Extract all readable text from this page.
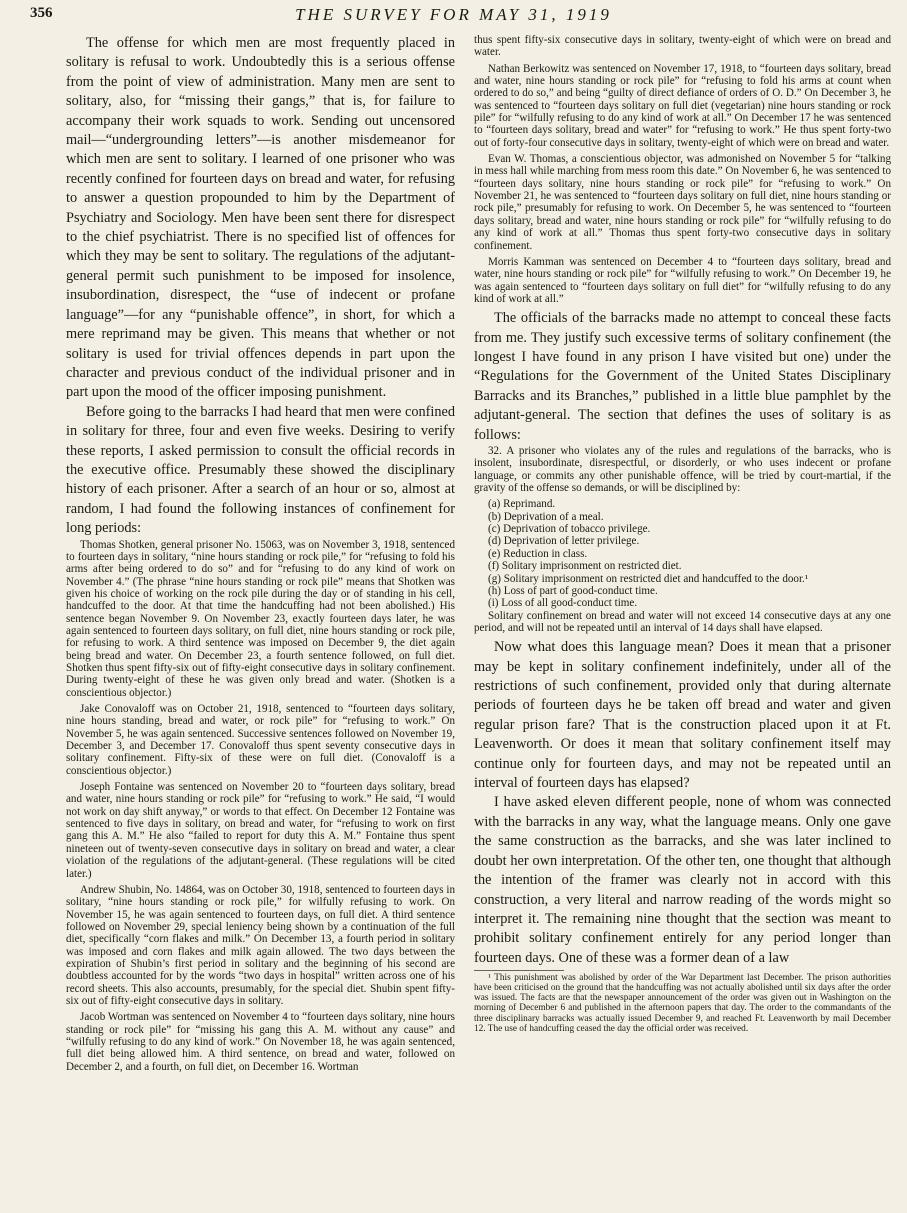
356	THE SURVEY FOR MAY 31, 1919

The offense for which men are most frequently placed in solitary is refusal to work. Undoubtedly this is a serious offense from the point of view of administration. Many men are sent to solitary, also, for “missing their gangs,” that is, for failure to accompany their work squads to work. Sending out uncensored mail—“undergrounding letters”—is another misdemeanor for which men are sent to solitary. I learned of one prisoner who was recently confined for fourteen days on bread and water, for refusing to answer a question propounded to him by the Department of Psychiatry and Sociology. Men have been sent there for disrespect to the chief psychiatrist. There is no specified list of offences for which they may be sent to solitary. The regulations of the adjutant-general permit such punishment to be imposed for insolence, insubordination, disrespect, the “use of indecent or profane language”—for any “punishable offence”, in short, for which a mere reprimand may be given. This means that whether or not solitary is used for trivial offences depends in part upon the character and previous conduct of the individual prisoner and in part upon the mood of the officer imposing punishment.

Before going to the barracks I had heard that men were confined in solitary for three, four and even five weeks. Desiring to verify these reports, I asked permission to consult the official records in the executive office. Presumably these showed the disciplinary history of each prisoner. After a search of an hour or so, almost at random, I had found the following instances of confinement for long periods:

Thomas Shotken, general prisoner No. 15063, was on November 3, 1918, sentenced to fourteen days in solitary, “nine hours standing or rock pile,” for “refusing to fold his arms after being ordered to do so” and for “refusing to do any kind of work on November 4.” (The phrase “nine hours standing or rock pile” means that Shotken was given his choice of working on the rock pile during the day or of standing in his cell, handcuffed to the door. At that time the handcuffing had not been abolished.) His sentence began November 9. On November 23, exactly fourteen days later, he was again sentenced to fourteen days solitary, on full diet, nine hours standing or rock pile, for refusing to work. A third sentence was imposed on December 9, the diet again being bread and water. On December 23, a fourth sentence followed, on full diet. Shotken thus spent fifty-six out of fifty-eight consecutive days in solitary confinement. During twenty-eight of these he was given only bread and water. (Shotken is a conscientious objector.)

Jake Conovaloff was on October 21, 1918, sentenced to “fourteen days solitary, nine hours standing, bread and water, or rock pile” for “refusing to work.” On November 5, he was again sentenced. Successive sentences followed on November 19, December 3, and December 17. Conovaloff thus spent seventy consecutive days in solitary confinement. Fifty-six of these were on full diet. (Conovaloff is a conscientious objector.)

Joseph Fontaine was sentenced on November 20 to “fourteen days solitary, bread and water, nine hours standing or rock pile” for “refusing to work.” He said, “I would not work on day shift anyway,” or words to that effect. On December 12 Fontaine was sentenced to five days in solitary, on bread and water, for “refusing to work on first gang this A. M.” He also “failed to report for duty this A. M.” Fontaine thus spent nineteen out of twenty-seven consecutive days in solitary on bread and water, a clear violation of the regulations of the adjutant-general. (These regulations will be cited later.)

Andrew Shubin, No. 14864, was on October 30, 1918, sentenced to fourteen days in solitary, “nine hours standing or rock pile,” for wilfully refusing to work. On November 15, he was again sentenced to fourteen days, on full diet. A third sentence followed on November 29, special leniency being shown by a continuation of the full diet, specifically “corn flakes and milk.” On December 13, a fourth period in solitary was imposed and corn flakes and milk again allowed. The two days between the expiration of Shubin’s first period in solitary and the beginning of his second are doubtless accounted for by the words “two days in hospital” written across one of his record sheets. This also accounts, presumably, for the special diet. Shubin spent fifty-six out of fifty-eight consecutive days in solitary.

Jacob Wortman was sentenced on November 4 to “fourteen days solitary, nine hours standing or rock pile” for “missing his gang this A. M. without any cause” and “wilfully refusing to do any kind of work.” On November 18, he was again sentenced, full diet being allowed him. A third sentence, on bread and water, followed on December 2, and a fourth, on full diet, on December 16. Wortman

thus spent fifty-six consecutive days in solitary, twenty-eight of which were on bread and water.

Nathan Berkowitz was sentenced on November 17, 1918, to “fourteen days solitary, bread and water, nine hours standing or rock pile” for “refusing to fold his arms at count when ordered to do so,” and being “guilty of direct defiance of orders of O. D.” On December 3, he was sentenced to “fourteen days solitary on full diet (vegetarian) nine hours standing or rock pile” for “wilfully refusing to do any kind of work at all.” On December 17 he was sentenced to “fourteen days solitary, bread and water” for “refusing to work.” He thus spent forty-two out of forty-four consecutive days in solitary, twenty-eight of which were on bread and water.

Evan W. Thomas, a conscientious objector, was admonished on November 5 for “talking in mess hall while marching from mess room this date.” On November 6, he was sentenced to “fourteen days solitary, nine hours standing or rock pile” for “refusing to work.” On November 21, he was sentenced to “fourteen days solitary on full diet, nine hours standing or rock pile,” presumably for refusing to work. On December 5, he was sentenced to “fourteen days solitary, bread and water, nine hours standing or rock pile” for “wilfully refusing to do any kind of work at all.” Thomas thus spent forty-two consecutive days in solitary confinement.

Morris Kamman was sentenced on December 4 to “fourteen days solitary, bread and water, nine hours standing or rock pile” for “wilfully refusing to work.” On December 19, he was again sentenced to “fourteen days solitary on full diet” for “wilfully refusing to do any kind of work at all.”

The officials of the barracks made no attempt to conceal these facts from me. They justify such excessive terms of solitary confinement (the longest I have found in any prison I have visited but one) under the “Regulations for the Government of the United States Disciplinary Barracks and its Branches,” published in a little blue pamphlet by the adjutant-general. The section that defines the uses of solitary is as follows:

32. A prisoner who violates any of the rules and regulations of the barracks, who is insolent, insubordinate, disrespectful, or disorderly, or who uses indecent or profane language, or commits any other punishable offence, will be tried by court-martial, if the gravity of the offense so demands, or will be disciplined by:

(a) Reprimand.
(b) Deprivation of a meal.
(c) Deprivation of tobacco privilege.
(d) Deprivation of letter privilege.
(e) Reduction in class.
(f) Solitary imprisonment on restricted diet.
(g) Solitary imprisonment on restricted diet and handcuffed to the door.¹
(h) Loss of part of good-conduct time.
(i) Loss of all good-conduct time.

Solitary confinement on bread and water will not exceed 14 consecutive days at any one period, and will not be repeated until an interval of 14 days shall have elapsed.

Now what does this language mean? Does it mean that a prisoner may be kept in solitary confinement indefinitely, under all of the restrictions of such confinement, provided only that during alternate periods of fourteen days he be taken off bread and water and given regular prison fare? That is the construction placed upon it at Ft. Leavenworth. Or does it mean that solitary confinement itself may continue only for fourteen days, and may not be repeated until an interval of fourteen days has elapsed?

I have asked eleven different people, none of whom was connected with the barracks in any way, what the language means. Only one gave the same construction as the barracks, and she was later inclined to doubt her own interpretation. Of the other ten, one thought that although the intention of the framer was clearly not in accord with this construction, a very literal and narrow reading of the words might so interpret it. The remaining nine thought that the section was meant to prohibit solitary confinement entirely for any period longer than fourteen days. One of these was a former dean of a law

¹ This punishment was abolished by order of the War Department last December. The prison authorities have been criticised on the ground that the handcuffing was not actually abolished until six days after the order was issued. The facts are that the newspaper announcement of the order was given out in Washington on the morning of December 6 and published in the afternoon papers that day. The order to the commandants of the three disciplinary barracks was actually issued December 9, and reached Ft. Leavenworth by mail December 12. The use of handcuffing ceased the day the official order was received.
